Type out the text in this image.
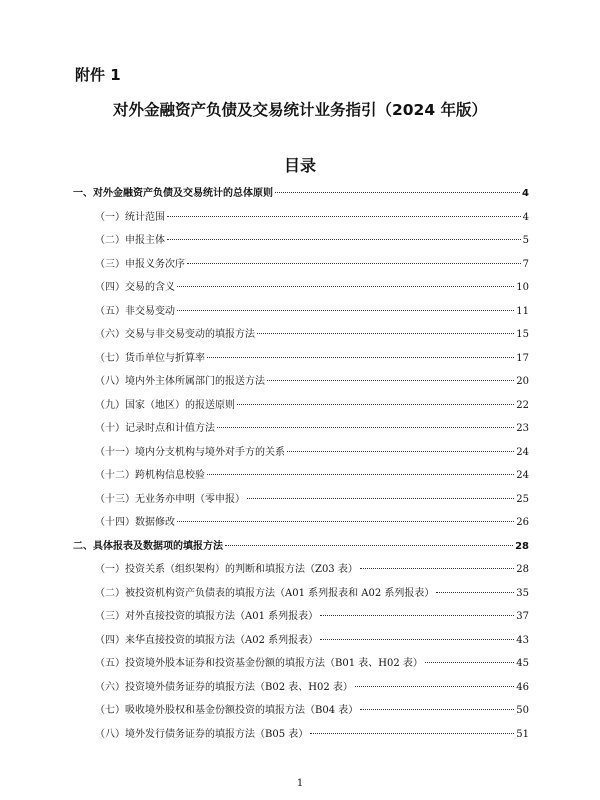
附件 1
对外金融资产负债及交易统计业务指引（2024 年版）
目录
一、对外金融资产负债及交易统计的总体原则	4
（一）统计范围	4
（二）申报主体	5
（三）申报义务次序	7
（四）交易的含义	10
（五）非交易变动	11
（六）交易与非交易变动的填报方法	15
（七）货币单位与折算率	17
（八）境内外主体所属部门的报送方法	20
（九）国家（地区）的报送原则	22
（十）记录时点和计值方法	23
（十一）境内分支机构与境外对手方的关系	24
（十二）跨机构信息校验	24
（十三）无业务亦申明（零申报）	25
（十四）数据修改	26
二、具体报表及数据项的填报方法	28
（一）投资关系（组织架构）的判断和填报方法（Z03 表）	28
（二）被投资机构资产负债表的填报方法（A01 系列报表和 A02 系列报表）	35
（三）对外直接投资的填报方法（A01 系列报表）	37
（四）来华直接投资的填报方法（A02 系列报表）	43
（五）投资境外股本证券和投资基金份额的填报方法（B01 表、H02 表）	45
（六）投资境外债务证券的填报方法（B02 表、H02 表）	46
（七）吸收境外股权和基金份额投资的填报方法（B04 表）	50
（八）境外发行债务证券的填报方法（B05 表）	51
1
